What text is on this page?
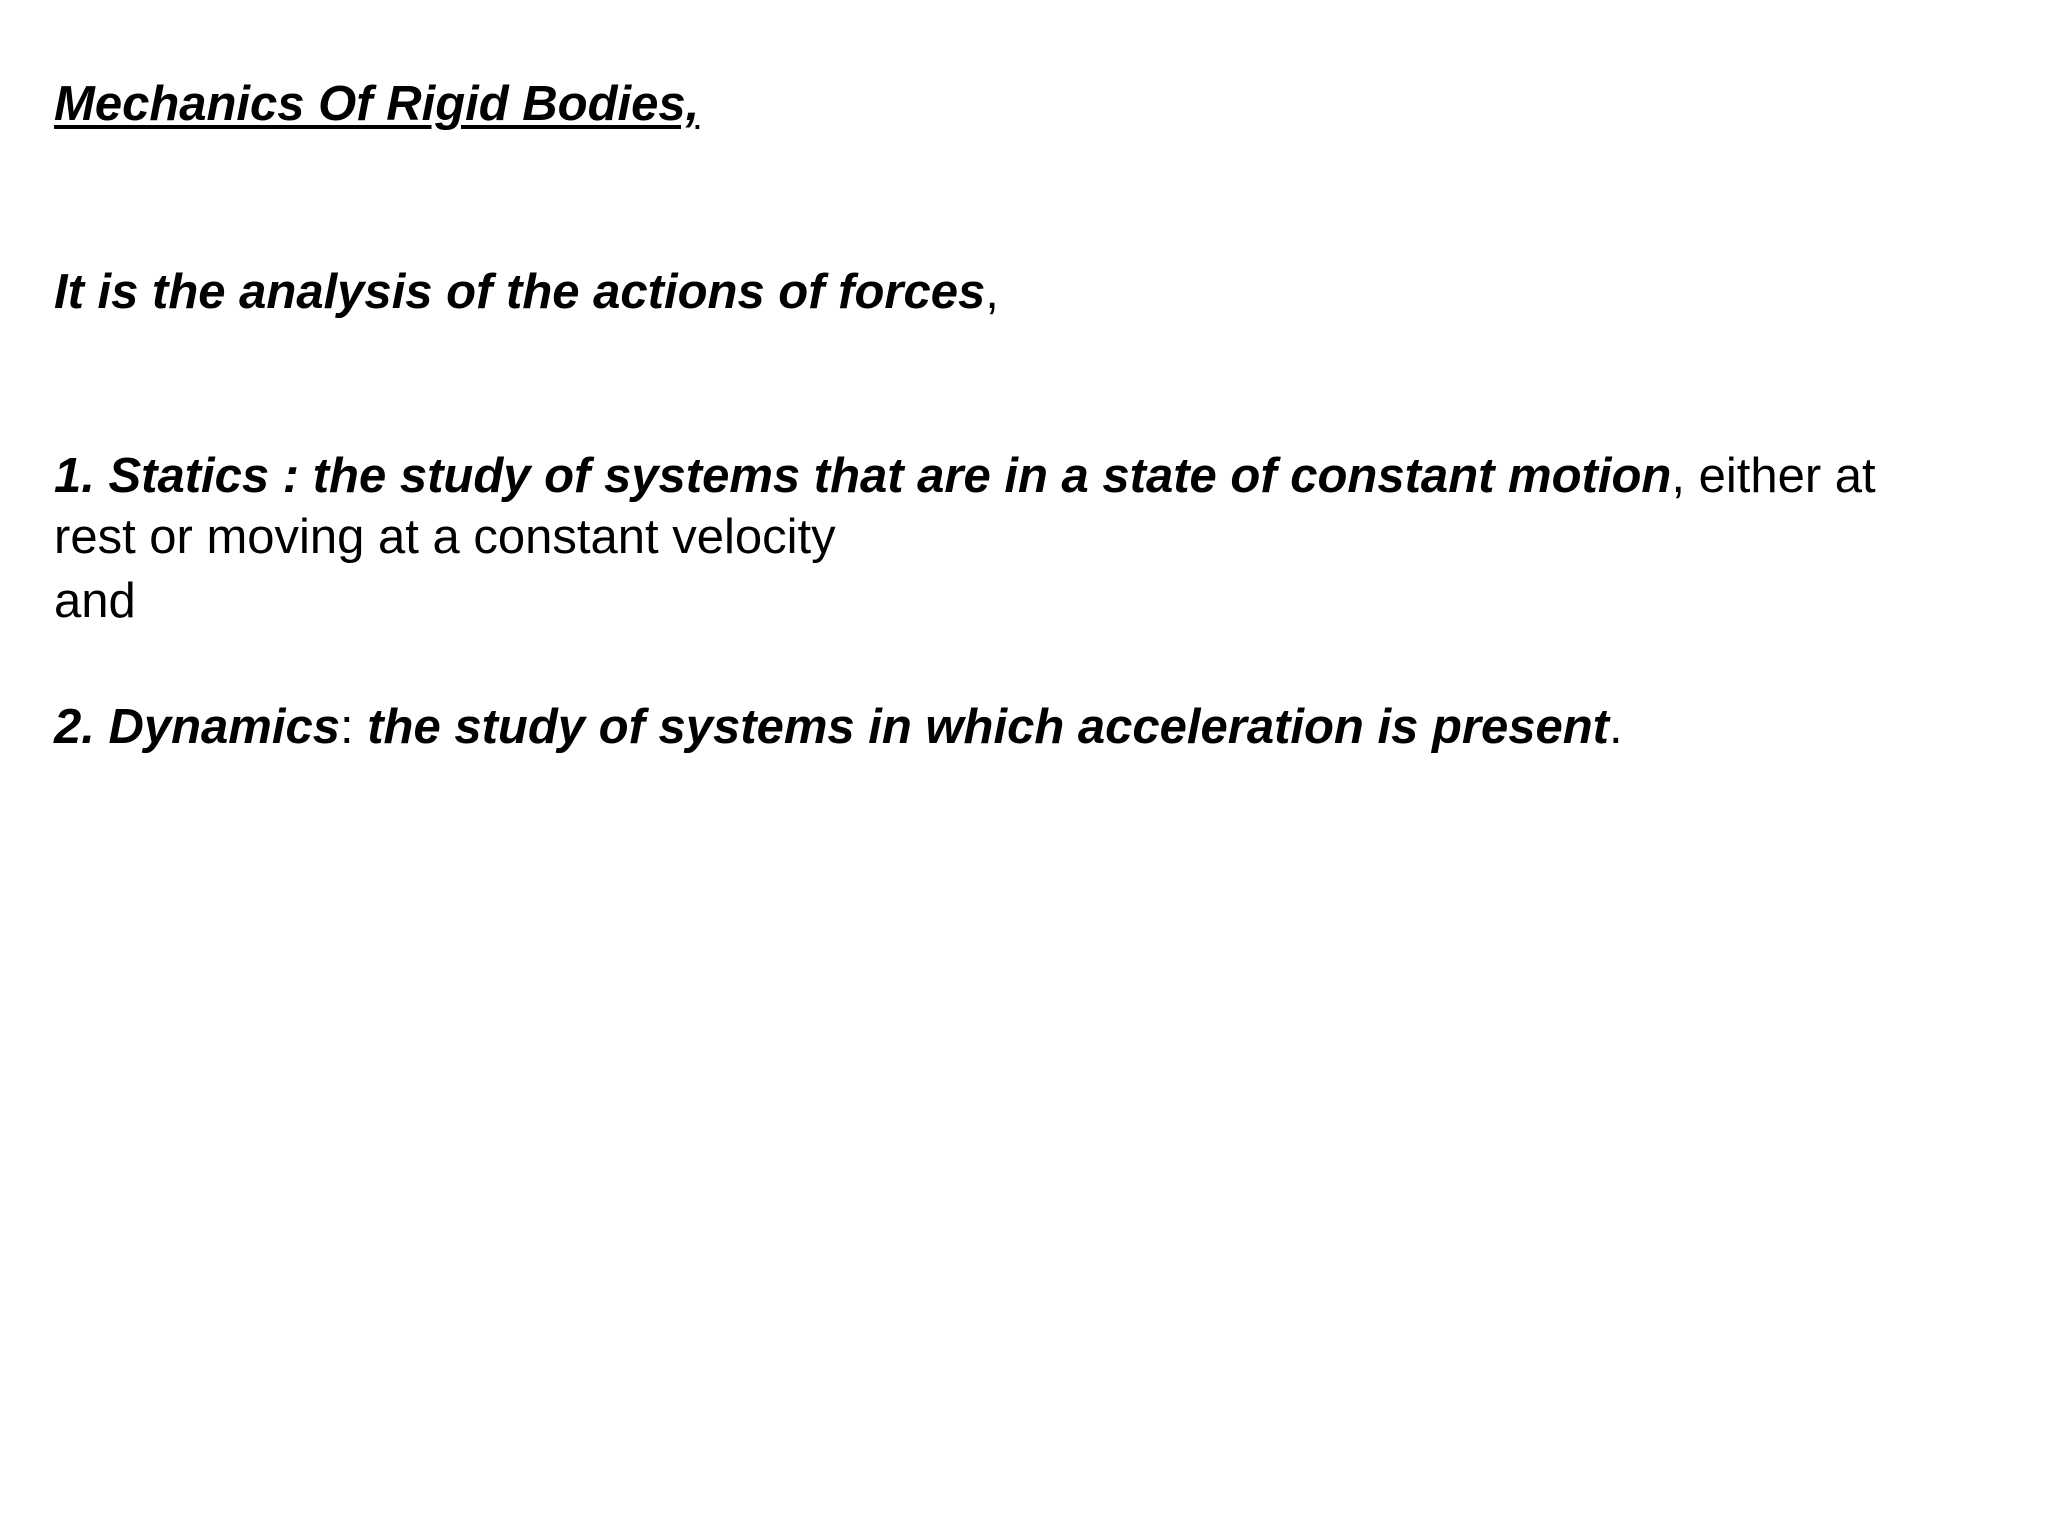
Mechanics Of Rigid Bodies,

It is the analysis of the actions of forces,

1. Statics : the study of systems that are in a state of constant motion, either at
rest or moving at a constant velocity

and

2. Dynamics: the study of systems in which acceleration is present.
